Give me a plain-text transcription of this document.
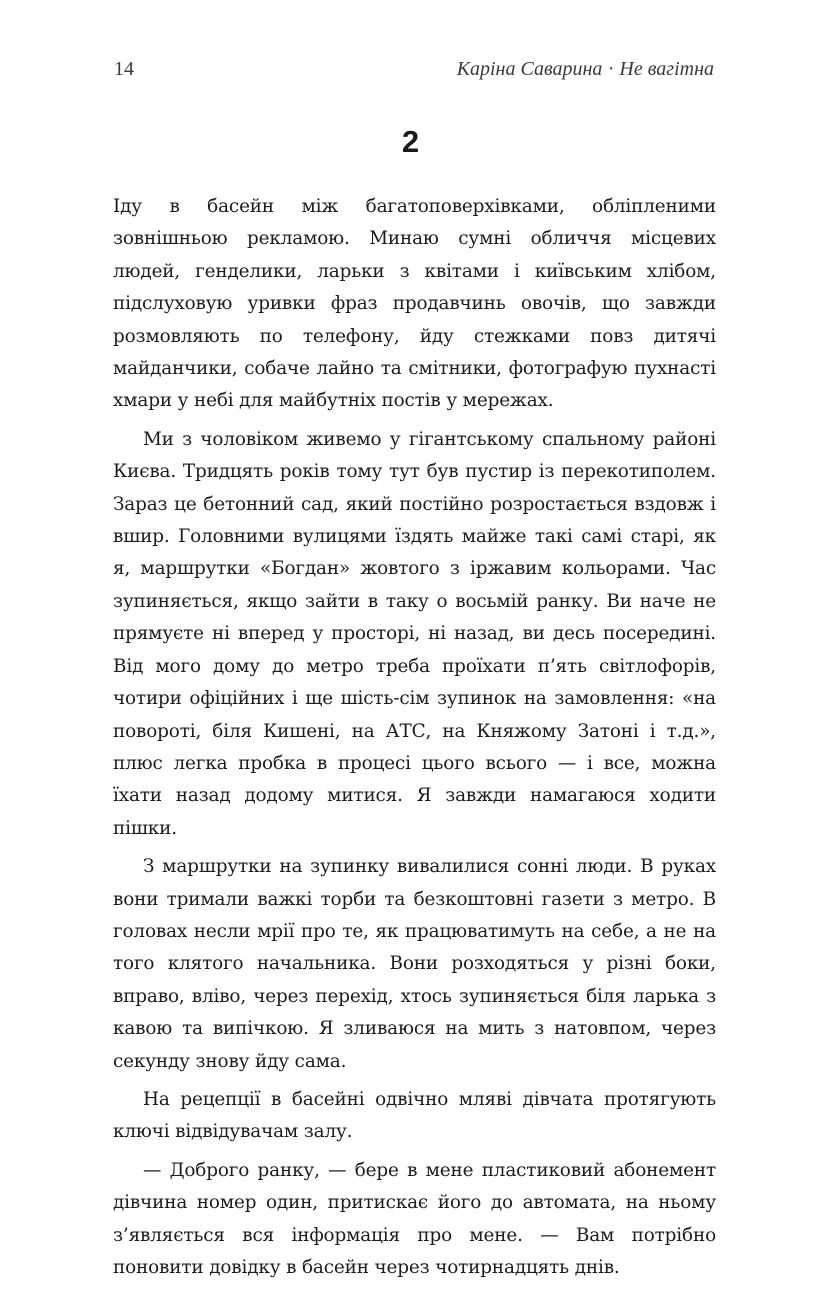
14	Каріна Саварина · Не вагітна
2

Іду в басейн між багатоповерхівками, обліпленими зовнішньою рекламою. Минаю сумні обличчя місцевих людей, генделики, ларьки з квітами і київським хлібом, підслуховую уривки фраз продавчинь овочів, що завжди розмовляють по телефону, йду стежками повз дитячі майданчики, собаче лайно та смітники, фотографую пухнасті хмари у небі для майбутніх постів у мережах.

Ми з чоловіком живемо у гігантському спальному районі Києва. Тридцять років тому тут був пустир із перекотиполем. Зараз це бетонний сад, який постійно розростається вздовж і вшир. Головними вулицями їздять майже такі самі старі, як я, маршрутки «Богдан» жовтого з іржавим кольорами. Час зупиняється, якщо зайти в таку о восьмій ранку. Ви наче не прямуєте ні вперед у просторі, ні назад, ви десь посередині. Від мого дому до метро треба проїхати п’ять світлофорів, чотири офіційних і ще шість-сім зупинок на замовлення: «на повороті, біля Кишені, на АТС, на Княжому Затоні і т.д.», плюс легка пробка в процесі цього всього — і все, можна їхати назад додому митися. Я завжди намагаюся ходити пішки.

З маршрутки на зупинку вивалилися сонні люди. В руках вони тримали важкі торби та безкоштовні газети з метро. В головах несли мрії про те, як працюватимуть на себе, а не на того клятого начальника. Вони розходяться у різні боки, вправо, вліво, через перехід, хтось зупиняється біля ларька з кавою та випічкою. Я зливаюся на мить з натовпом, через секунду знову йду сама.

На рецепції в басейні одвічно мляві дівчата протягують ключі відвідувачам залу.

— Доброго ранку, — бере в мене пластиковий абонемент дівчина номер один, притискає його до автомата, на ньому з’являється вся інформація про мене. — Вам потрібно поновити довідку в басейн через чотирнадцять днів.
